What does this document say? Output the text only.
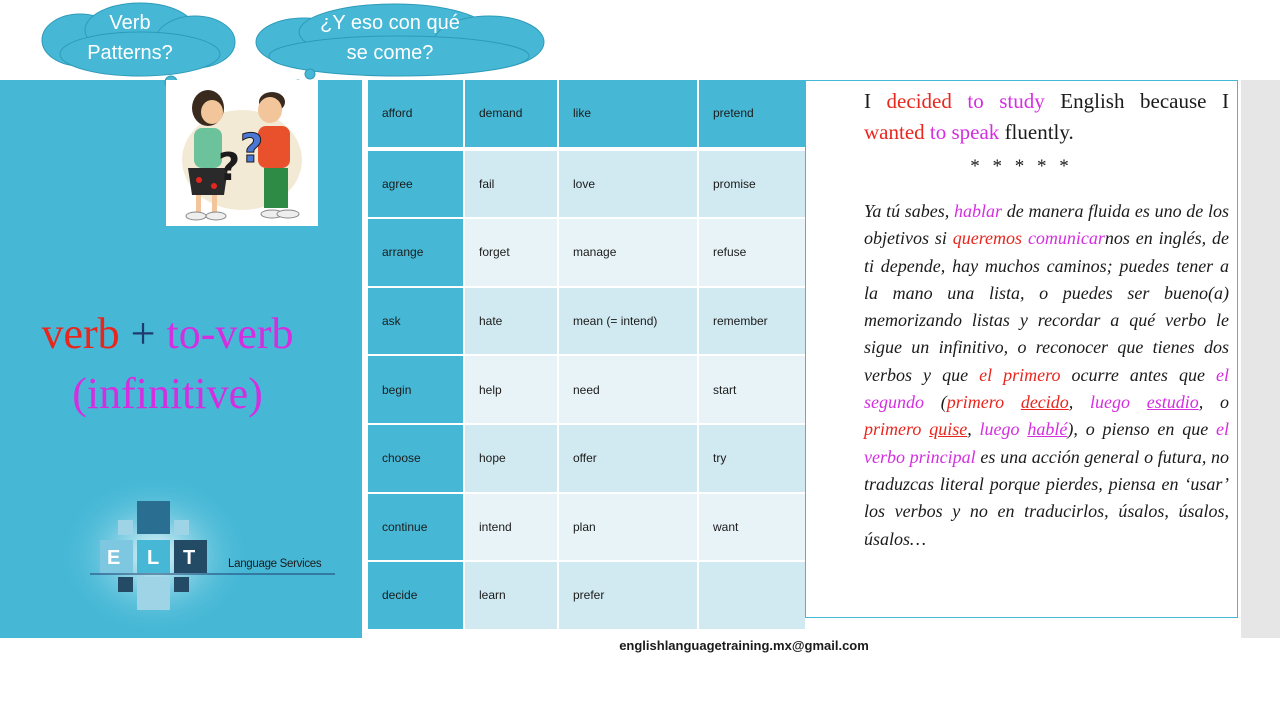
Verb
Patterns?
¿Y eso con qué
se come?
? ?
verb + to-verb
(infinitive)
E L T	Language Services
afford	demand	like	pretend
agree	fail	love	promise
arrange	forget	manage	refuse
ask	hate	mean (= intend)	remember
begin	help	need	start
choose	hope	offer	try
continue	intend	plan	want
decide	learn	prefer
I decided to study English because I wanted to speak fluently.
* * * * *
Ya tú sabes, hablar de manera fluida es uno de los objetivos si queremos comunicarnos en inglés, de ti depende, hay muchos caminos; puedes tener a la mano una lista, o puedes ser bueno(a) memorizando listas y recordar a qué verbo le sigue un infinitivo, o reconocer que tienes dos verbos y que el primero ocurre antes que el segundo (primero decido, luego estudio, o primero quise, luego hablé), o pienso en que el verbo principal es una acción general o futura, no traduzcas literal porque pierdes, piensa en ‘usar’ los verbos y no en traducirlos, úsalos, úsalos, úsalos…
englishlanguagetraining.mx@gmail.com
